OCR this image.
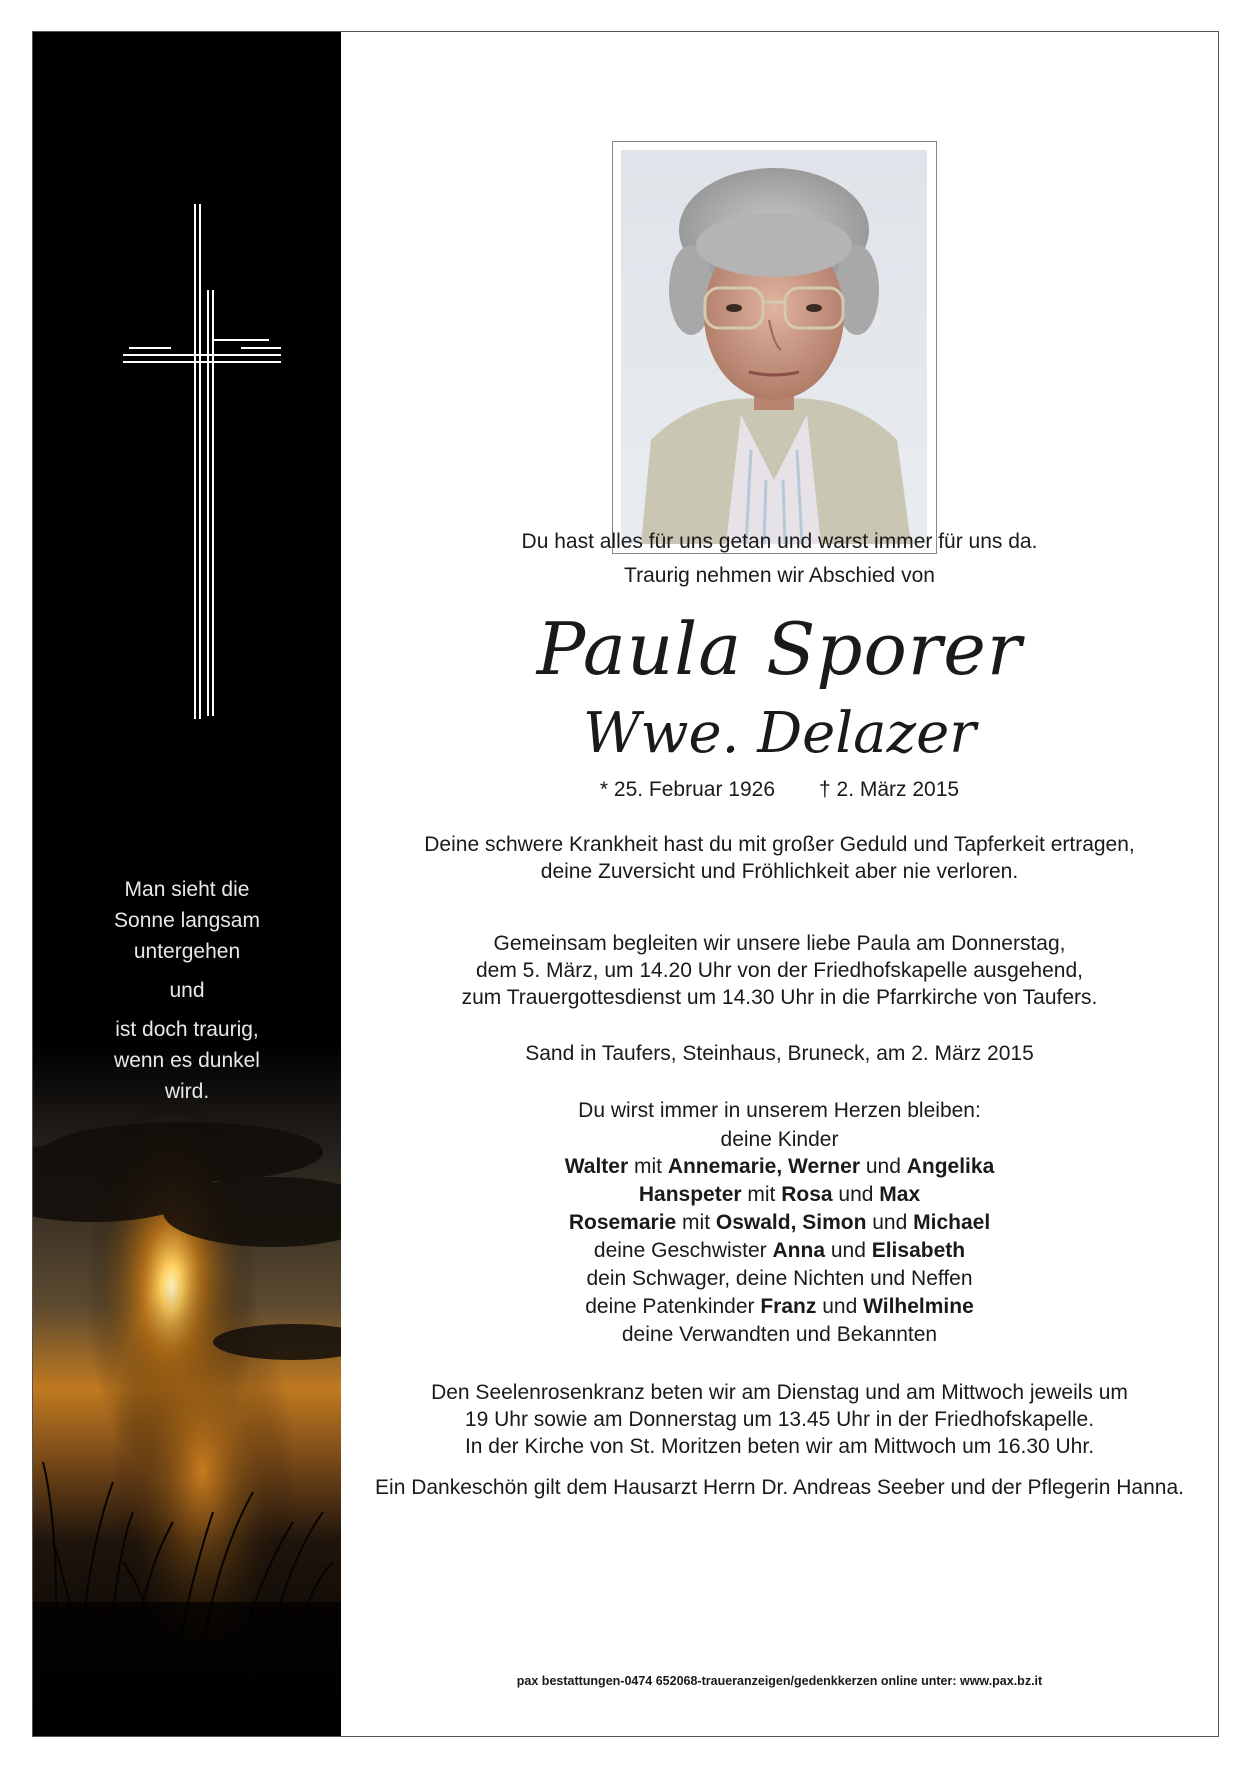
Man sieht die
Sonne langsam
untergehen
und
ist doch traurig,
wenn es dunkel
wird.
Du hast alles für uns getan und warst immer für uns da.
Traurig nehmen wir Abschied von
Paula Sporer
Wwe. Delazer
* 25. Februar 1926 † 2. März 2015
Deine schwere Krankheit hast du mit großer Geduld und Tapferkeit ertragen,
deine Zuversicht und Fröhlichkeit aber nie verloren.
Gemeinsam begleiten wir unsere liebe Paula am Donnerstag,
dem 5. März, um 14.20 Uhr von der Friedhofskapelle ausgehend,
zum Trauergottesdienst um 14.30 Uhr in die Pfarrkirche von Taufers.
Sand in Taufers, Steinhaus, Bruneck, am 2. März 2015
Du wirst immer in unserem Herzen bleiben:
deine Kinder
Walter mit Annemarie, Werner und Angelika
Hanspeter mit Rosa und Max
Rosemarie mit Oswald, Simon und Michael
deine Geschwister Anna und Elisabeth
dein Schwager, deine Nichten und Neffen
deine Patenkinder Franz und Wilhelmine
deine Verwandten und Bekannten
Den Seelenrosenkranz beten wir am Dienstag und am Mittwoch jeweils um
19 Uhr sowie am Donnerstag um 13.45 Uhr in der Friedhofskapelle.
In der Kirche von St. Moritzen beten wir am Mittwoch um 16.30 Uhr.
Ein Dankeschön gilt dem Hausarzt Herrn Dr. Andreas Seeber und der Pflegerin Hanna.
pax bestattungen-0474 652068-traueranzeigen/gedenkkerzen online unter: www.pax.bz.it
